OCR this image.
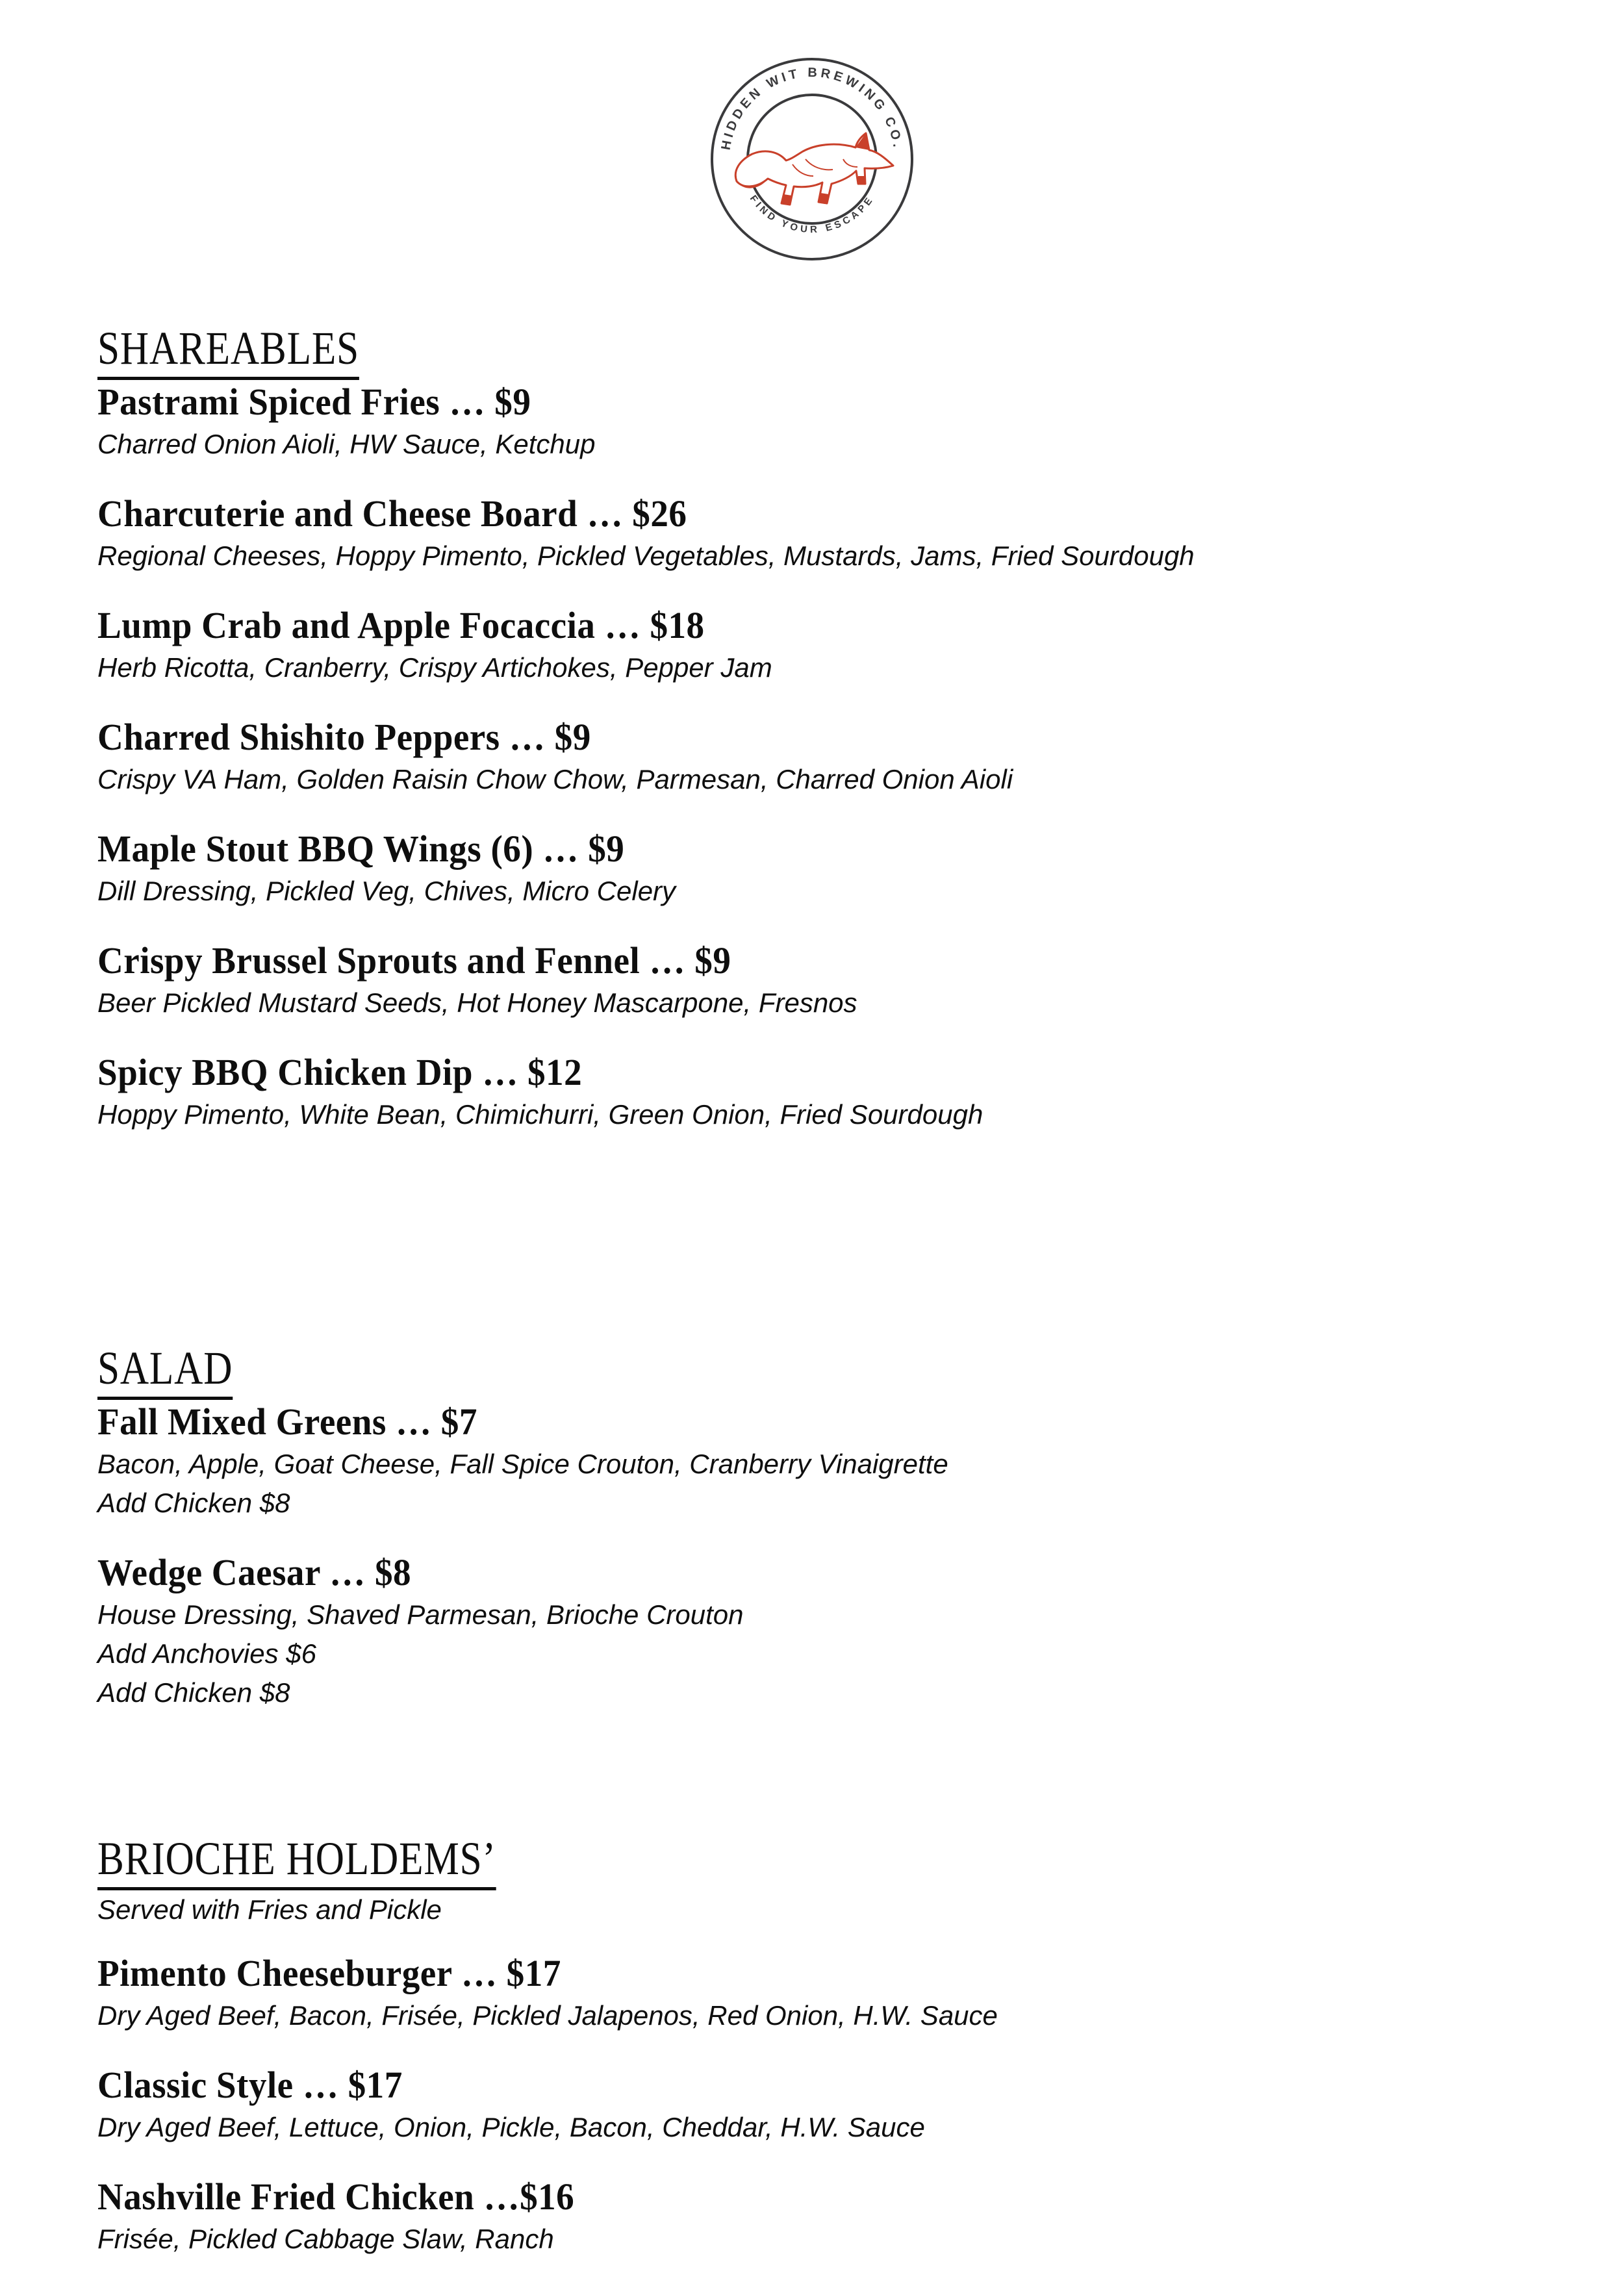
HIDDEN WIT BREWING CO.
FIND YOUR ESCAPE
SHAREABLES
Pastrami Spiced Fries … $9

Charred Onion Aioli, HW Sauce, Ketchup

Charcuterie and Cheese Board … $26

Regional Cheeses, Hoppy Pimento, Pickled Vegetables, Mustards, Jams, Fried Sourdough

Lump Crab and Apple Focaccia … $18

Herb Ricotta, Cranberry, Crispy Artichokes, Pepper Jam

Charred Shishito Peppers … $9

Crispy VA Ham, Golden Raisin Chow Chow, Parmesan, Charred Onion Aioli

Maple Stout BBQ Wings (6) … $9

Dill Dressing, Pickled Veg, Chives, Micro Celery

Crispy Brussel Sprouts and Fennel … $9

Beer Pickled Mustard Seeds, Hot Honey Mascarpone, Fresnos

Spicy BBQ Chicken Dip … $12

Hoppy Pimento, White Bean, Chimichurri, Green Onion, Fried Sourdough

SALAD
Fall Mixed Greens … $7

Bacon, Apple, Goat Cheese, Fall Spice Crouton, Cranberry Vinaigrette

Add Chicken $8

Wedge Caesar … $8

House Dressing, Shaved Parmesan, Brioche Crouton

Add Anchovies $6

Add Chicken $8

BRIOCHE HOLDEMS’

Served with Fries and Pickle

Pimento Cheeseburger … $17

Dry Aged Beef, Bacon, Frisée, Pickled Jalapenos, Red Onion, H.W. Sauce

Classic Style … $17

Dry Aged Beef, Lettuce, Onion, Pickle, Bacon, Cheddar, H.W. Sauce

Nashville Fried Chicken …$16

Frisée, Pickled Cabbage Slaw, Ranch
